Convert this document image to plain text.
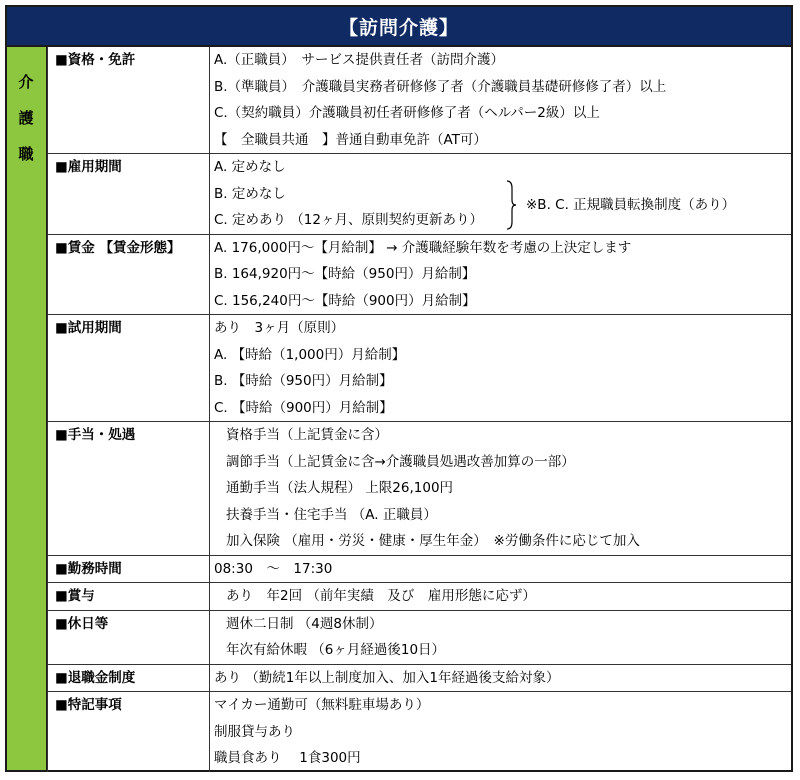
【訪問介護】
介
護
職
■資格・免許	A.（正職員）　サービス提供責任者（訪問介護）
B.（準職員）　介護職員実務者研修修了者（介護職員基礎研修修了者）以上
C.（契約職員）介護職員初任者研修修了者（ヘルパー2級）以上
【　全職員共通　】普通自動車免許（AT可）

■雇用期間	A. 定めなし
B. 定めなし
C. 定めあり （12ヶ月、原則契約更新あり）
※B. C. 正規職員転換制度（あり）

■賃金 【賃金形態】	A. 176,000円～【月給制】 → 介護職経験年数を考慮の上決定します
B. 164,920円～【時給（950円）月給制】
C. 156,240円～【時給（900円）月給制】

■試用期間	あり　3ヶ月（原則）
A. 【時給（1,000円）月給制】
B. 【時給（950円）月給制】
C. 【時給（900円）月給制】

■手当・処遇	資格手当（上記賃金に含）
調節手当（上記賃金に含→介護職員処遇改善加算の一部）
通勤手当（法人規程） 上限26,100円
扶養手当・住宅手当 （A. 正職員）
加入保険 （雇用・労災・健康・厚生年金）　※労働条件に応じて加入

■勤務時間	08:30　～　17:30

■賞与	あり　年2回 （前年実績　及び　雇用形態に応ず）

■休日等	週休二日制 （4週8休制）
年次有給休暇 （6ヶ月経過後10日）

■退職金制度	あり （勤続1年以上制度加入、加入1年経過後支給対象）

■特記事項	マイカー通勤可（無料駐車場あり）
制服貸与あり
職員食あり　 1食300円
